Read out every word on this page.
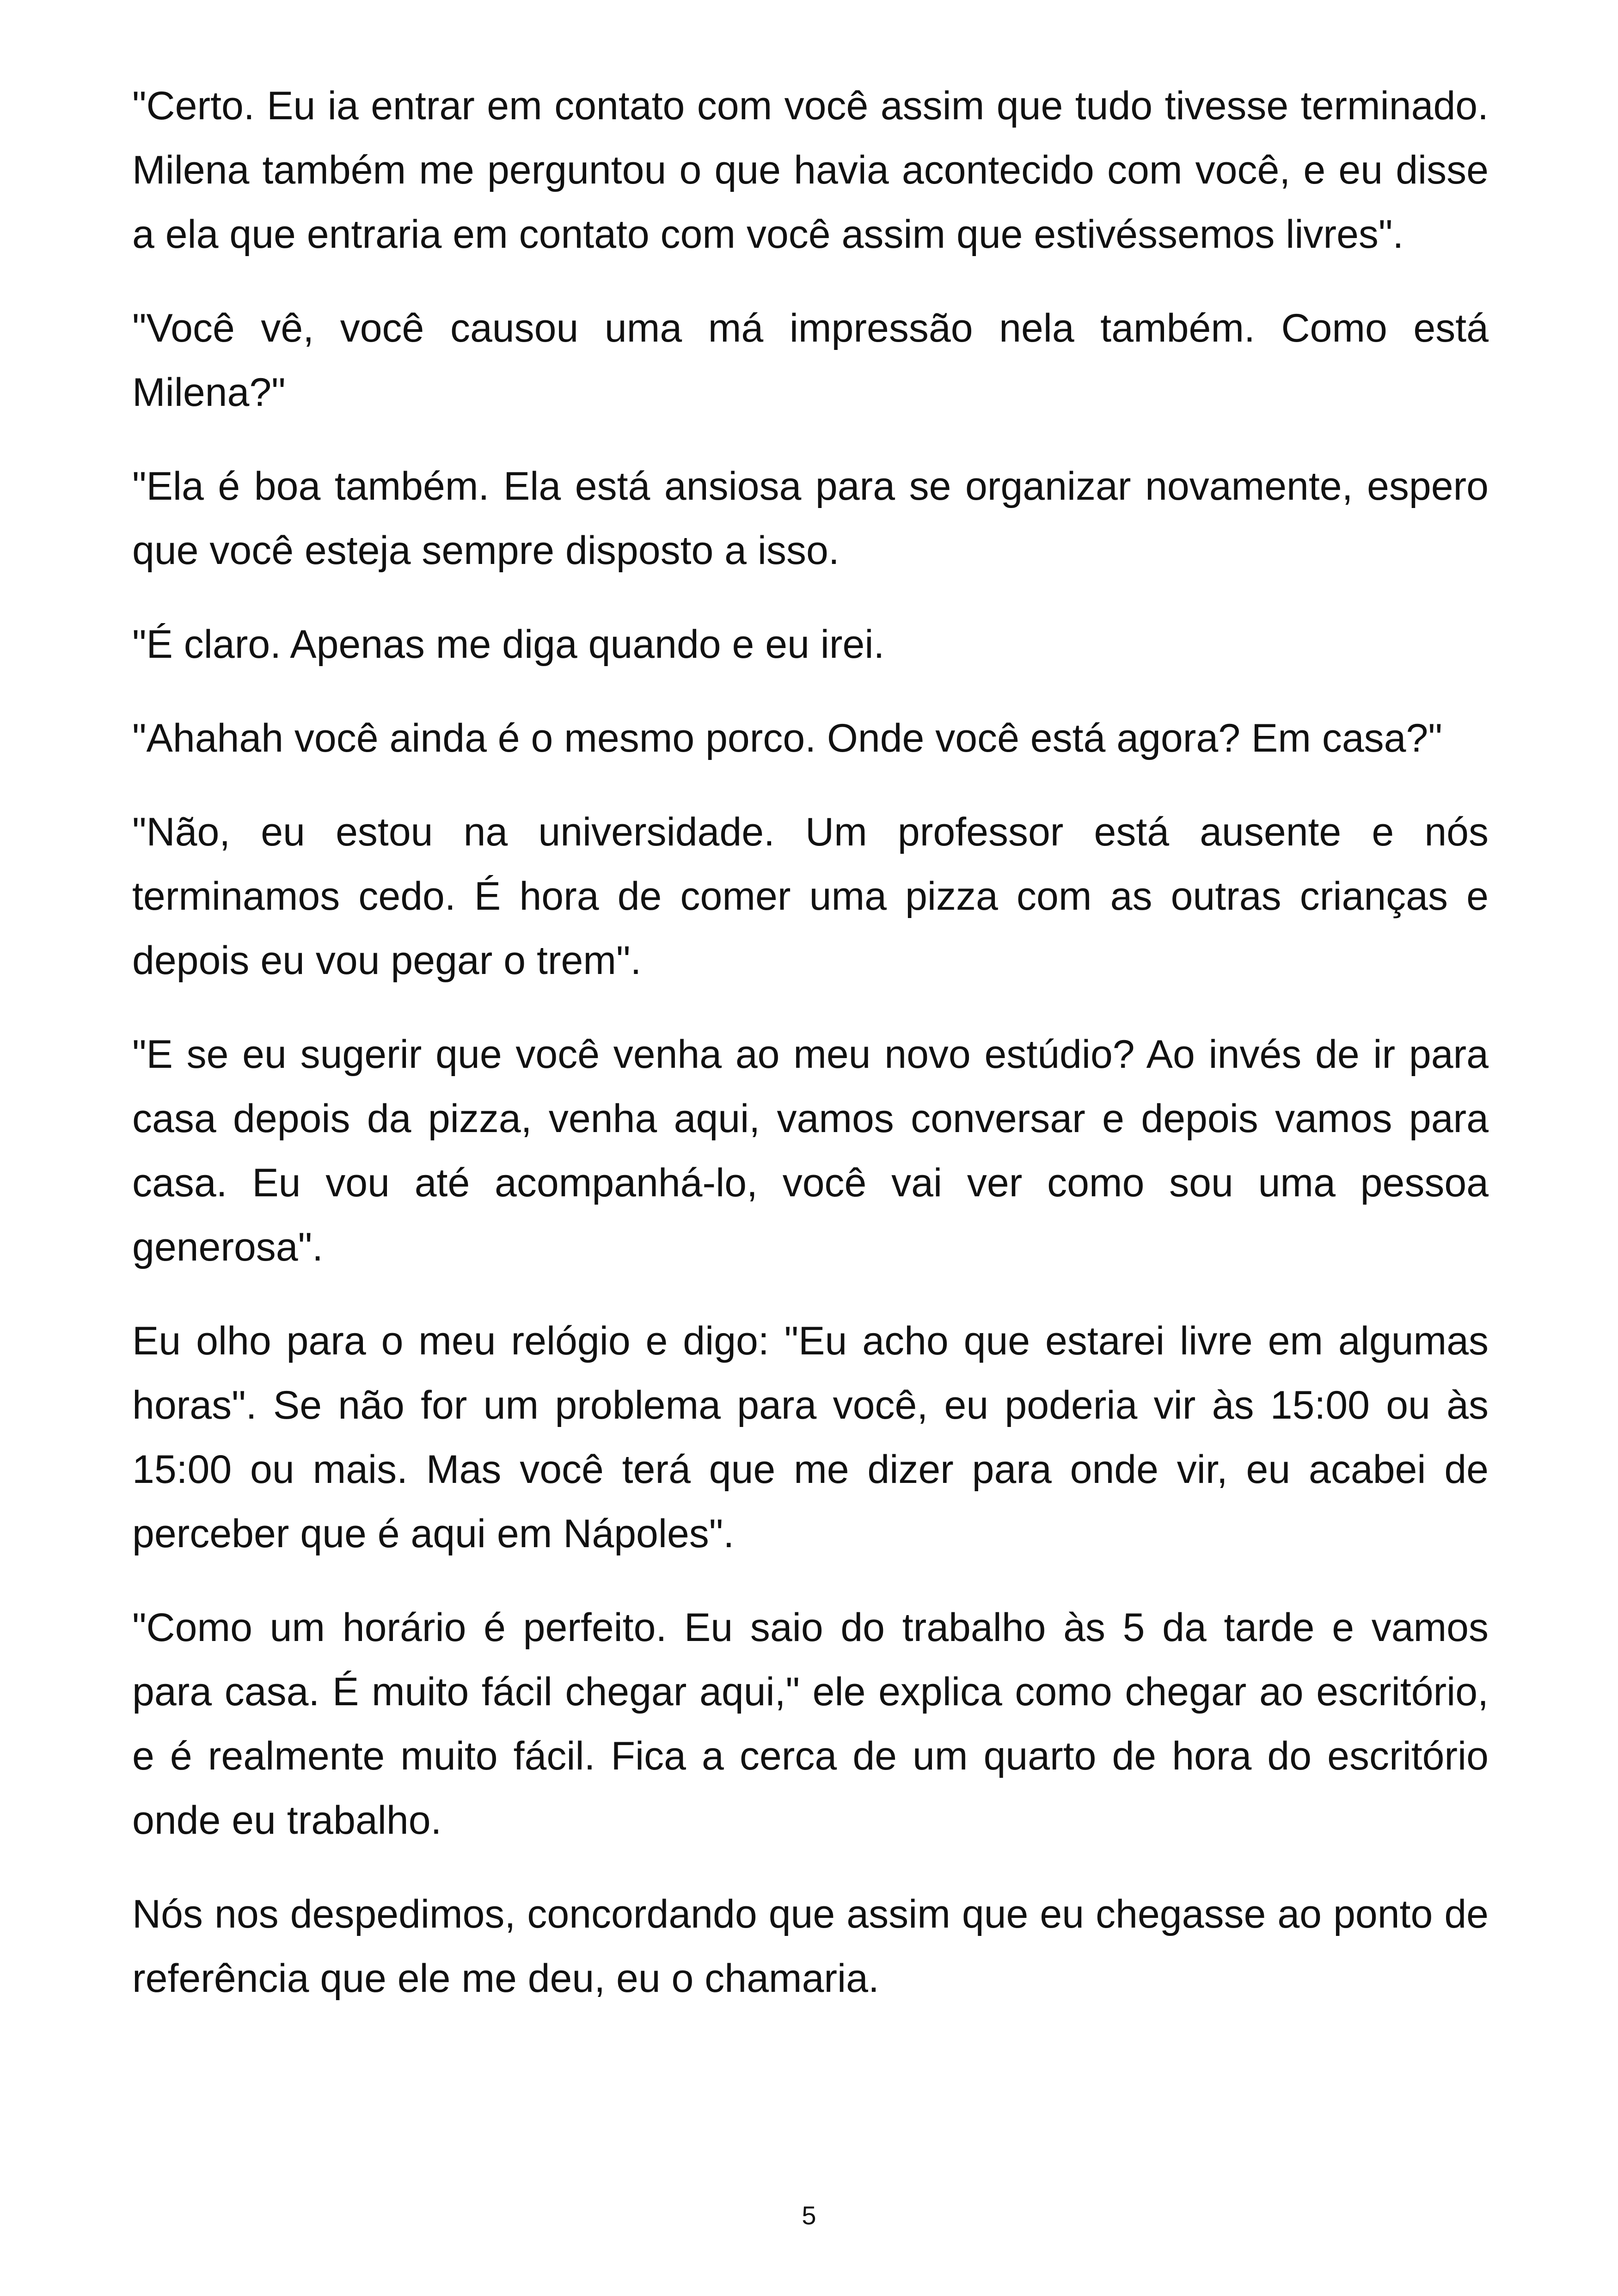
"Certo. Eu ia entrar em contato com você assim que tudo tivesse terminado. Milena também me perguntou o que havia acontecido com você, e eu disse a ela que entraria em contato com você assim que estivéssemos livres".

"Você vê, você causou uma má impressão nela também. Como está Milena?"

"Ela é boa também. Ela está ansiosa para se organizar novamente, espero que você esteja sempre disposto a isso.

"É claro. Apenas me diga quando e eu irei.

"Ahahah você ainda é o mesmo porco. Onde você está agora? Em casa?"

"Não, eu estou na universidade. Um professor está ausente e nós terminamos cedo. É hora de comer uma pizza com as outras crianças e depois eu vou pegar o trem".

"E se eu sugerir que você venha ao meu novo estúdio? Ao invés de ir para casa depois da pizza, venha aqui, vamos conversar e depois vamos para casa. Eu vou até acompanhá-lo, você vai ver como sou uma pessoa generosa".

Eu olho para o meu relógio e digo: "Eu acho que estarei livre em algumas horas". Se não for um problema para você, eu poderia vir às 15:00 ou às 15:00 ou mais. Mas você terá que me dizer para onde vir, eu acabei de perceber que é aqui em Nápoles".

"Como um horário é perfeito. Eu saio do trabalho às 5 da tarde e vamos para casa. É muito fácil chegar aqui," ele explica como chegar ao escritório, e é realmente muito fácil. Fica a cerca de um quarto de hora do escritório onde eu trabalho.

Nós nos despedimos, concordando que assim que eu chegasse ao ponto de referência que ele me deu, eu o chamaria.

5
